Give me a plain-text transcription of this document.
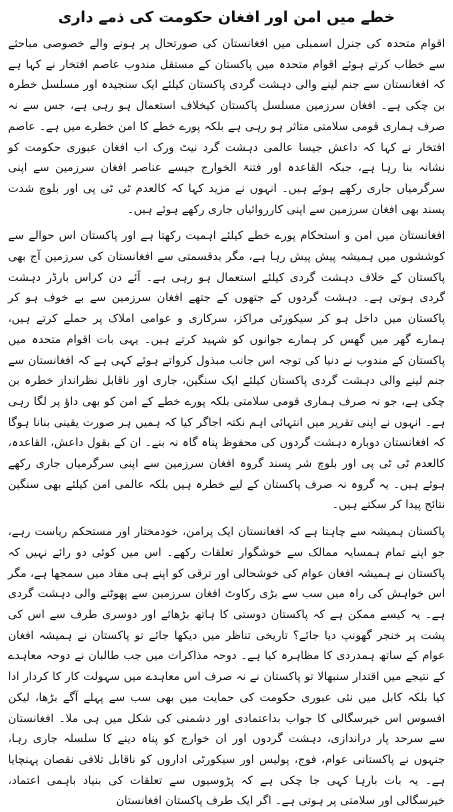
خطے میں امن اور افغان حکومت کی ذمے داری
اقوام متحدہ کی جنرل اسمبلی میں افغانستان کی صورتحال پر ہونے والے خصوصی مباحثے سے خطاب کرتے ہوئے اقوام متحدہ میں پاکستان کے مستقل مندوب عاصم افتخار نے کہا ہے کہ افغانستان سے جنم لینے والی دہشت گردی پاکستان کیلئے ایک سنجیدہ اور مسلسل خطرہ بن چکی ہے۔ افغان سرزمین مسلسل پاکستان کیخلاف استعمال ہو رہی ہے، جس سے نہ صرف ہماری قومی سلامتی متاثر ہو رہی ہے بلکہ پورے خطے کا امن خطرے میں ہے۔ عاصم افتخار نے کہا کہ داعش جیسا عالمی دہشت گرد نیٹ ورک اب افغان عبوری حکومت کو نشانہ بنا رہا ہے، جبکہ القاعدہ اور فتنۃ الخوارج جیسے عناصر افغان سرزمین سے اپنی سرگرمیاں جاری رکھے ہوئے ہیں۔ انہوں نے مزید کہا کہ کالعدم ٹی ٹی پی اور بلوچ شدت پسند بھی افغان سرزمین سے اپنی کارروائیاں جاری رکھے ہوئے ہیں۔
افغانستان میں امن و استحکام پورے خطے کیلئے اہمیت رکھتا ہے اور پاکستان اس حوالے سے کوششوں میں ہمیشہ پیش پیش رہا ہے، مگر بدقسمتی سے افغانستان کی سرزمین آج بھی پاکستان کے خلاف دہشت گردی کیلئے استعمال ہو رہی ہے۔ آئے دن کراس بارڈر دہشت گردی ہوتی ہے۔ دہشت گردوں کے جتھوں کے جتھے افغان سرزمین سے بے خوف ہو کر پاکستان میں داخل ہو کر سیکورٹی مراکز، سرکاری و عوامی املاک پر حملے کرتے ہیں، ہمارے گھر میں گھس کر ہمارے جوانوں کو شہید کرتے ہیں۔ یہی بات اقوام متحدہ میں پاکستان کے مندوب نے دنیا کی توجہ اس جانب مبذول کرواتے ہوئے کہی ہے کہ افغانستان سے جنم لینے والی دہشت گردی پاکستان کیلئے ایک سنگین، جاری اور ناقابل نظرانداز خطرہ بن چکی ہے، جو نہ صرف ہماری قومی سلامتی بلکہ پورے خطے کے امن کو بھی داؤ پر لگا رہی ہے۔ انہوں نے اپنی تقریر میں انتہائی اہم نکتہ اجاگر کیا کہ ہمیں ہر صورت یقینی بنانا ہوگا کہ افغانستان دوبارہ دہشت گردوں کی محفوظ پناہ گاہ نہ بنے۔ ان کے بقول داعش، القاعدہ، کالعدم ٹی ٹی پی اور بلوچ شر پسند گروہ افغان سرزمین سے اپنی سرگرمیاں جاری رکھے ہوئے ہیں۔ یہ گروہ نہ صرف پاکستان کے لیے خطرہ ہیں بلکہ عالمی امن کیلئے بھی سنگین نتائج پیدا کر سکتے ہیں۔
پاکستان ہمیشہ سے چاہتا ہے کہ افغانستان ایک پرامن، خودمختار اور مستحکم ریاست رہے، جو اپنے تمام ہمسایہ ممالک سے خوشگوار تعلقات رکھے۔ اس میں کوئی دو رائے نہیں کہ پاکستان نے ہمیشہ افغان عوام کی خوشحالی اور ترقی کو اپنے ہی مفاد میں سمجھا ہے، مگر اس خواہش کی راہ میں سب سے بڑی رکاوٹ افغان سرزمین سے پھوٹنے والی دہشت گردی ہے۔ یہ کیسے ممکن ہے کہ پاکستان دوستی کا ہاتھ بڑھائے اور دوسری طرف سے اس کی پشت پر خنجر گھونپ دیا جائے؟ تاریخی تناظر میں دیکھا جائے تو پاکستان نے ہمیشہ افغان عوام کے ساتھ ہمدردی کا مظاہرہ کیا ہے۔ دوحہ مذاکرات میں جب طالبان نے دوحہ معاہدے کے نتیجے میں اقتدار سنبھالا تو پاکستان نے نہ صرف اس معاہدے میں سہولت کار کا کردار ادا کیا بلکہ کابل میں نئی عبوری حکومت کی حمایت میں بھی سب سے پہلے آگے بڑھا، لیکن افسوس اس خیرسگالی کا جواب بداعتمادی اور دشمنی کی شکل میں ہی ملا۔ افغانستان سے سرحد پار دراندازی، دہشت گردوں اور ان خوارج کو پناہ دینے کا سلسلہ جاری رہا، جنہوں نے پاکستانی عوام، فوج، پولیس اور سیکورٹی اداروں کو ناقابل تلافی نقصان پہنچایا ہے۔ یہ بات بارہا کہی جا چکی ہے کہ پڑوسیوں سے تعلقات کی بنیاد باہمی اعتماد، خیرسگالی اور سلامتی پر ہوتی ہے۔ اگر ایک طرف پاکستان افغانستان
